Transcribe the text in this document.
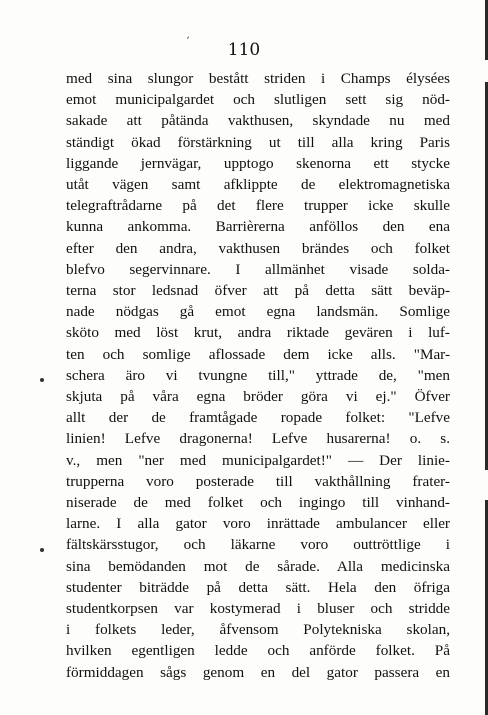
ʼ	110
med sina slungor bestått striden i Champs élysées
emot municipalgardet och slutligen sett sig nöd-
sakade att påtända vakthusen, skyndade nu med
ständigt ökad förstärkning ut till alla kring Paris
liggande jernvägar, upptogo skenorna ett stycke
utåt vägen samt afklippte de elektromagnetiska
telegraftrådarne på det flere trupper icke skulle
kunna ankomma. Barrièrerna anföllos den ena
efter den andra, vakthusen brändes och folket
blefvo segervinnare. I allmänhet visade solda-
terna stor ledsnad öfver att på detta sätt beväp-
nade nödgas gå emot egna landsmän. Somlige
sköto med löst krut, andra riktade gevären i luf-
ten och somlige aflossade dem icke alls. "Mar-
schera äro vi tvungne till," yttrade de, "men
skjuta på våra egna bröder göra vi ej." Öfver
allt der de framtågade ropade folket: "Lefve
linien! Lefve dragonerna! Lefve husarerna! o. s.
v., men "ner med municipalgardet!" — Der linie-
trupperna voro posterade till vakthållning frater-
niserade de med folket och ingingo till vinhand-
larne. I alla gator voro inrättade ambulancer eller
fältskärsstugor, och läkarne voro outtröttlige i
sina bemödanden mot de sårade. Alla medicinska
studenter biträdde på detta sätt. Hela den öfriga
studentkorpsen var kostymerad i bluser och stridde
i folkets leder, åfvensom Polytekniska skolan,
hvilken egentligen ledde och anförde folket. På
förmiddagen sågs genom en del gator passera en
